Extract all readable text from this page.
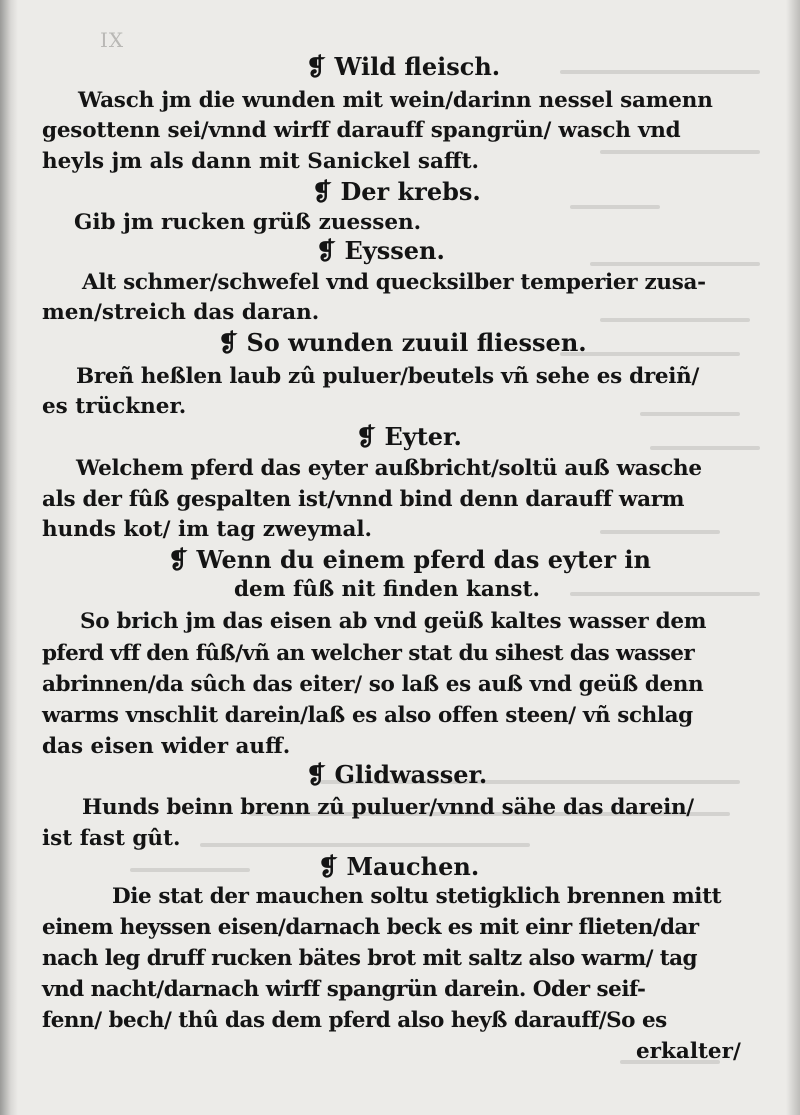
IX
❡ Wild fleisch.
Wasch jm die wunden mit wein/darinn nessel samenn
gesottenn sei/vnnd wirff darauff spangrün/ wasch vnd
heyls jm als dann mit Sanickel safft.
❡ Der krebs.
Gib jm rucken grüß zuessen.
❡ Eyssen.
Alt schmer/schwefel vnd quecksilber temperier zusa-
men/streich das daran.
❡ So wunden zuuil fliessen.
Breñ heßlen laub zû puluer/beutels vñ sehe es dreiñ/
es trückner.
❡ Eyter.
Welchem pferd das eyter außbricht/soltü auß wasche
als der fûß gespalten ist/vnnd bind denn darauff warm
hunds kot/ im tag zweymal.
❡ Wenn du einem pferd das eyter in
dem fûß nit finden kanst.
So brich jm das eisen ab vnd geüß kaltes wasser dem
pferd vff den fûß/vñ an welcher stat du sihest das wasser
abrinnen/da sûch das eiter/ so laß es auß vnd geüß denn
warms vnschlit darein/laß es also offen steen/ vñ schlag
das eisen wider auff.
❡ Glidwasser.
Hunds beinn brenn zû puluer/vnnd sähe das darein/
ist fast gût.
❡ Mauchen.
Die stat der mauchen soltu stetigklich brennen mitt
einem heyssen eisen/darnach beck es mit einr flieten/dar
nach leg druff rucken bätes brot mit saltz also warm/ tag
vnd nacht/darnach wirff spangrün darein. Oder seif-
fenn/ bech/ thû das dem pferd also heyß darauff/So es
erkalter/
